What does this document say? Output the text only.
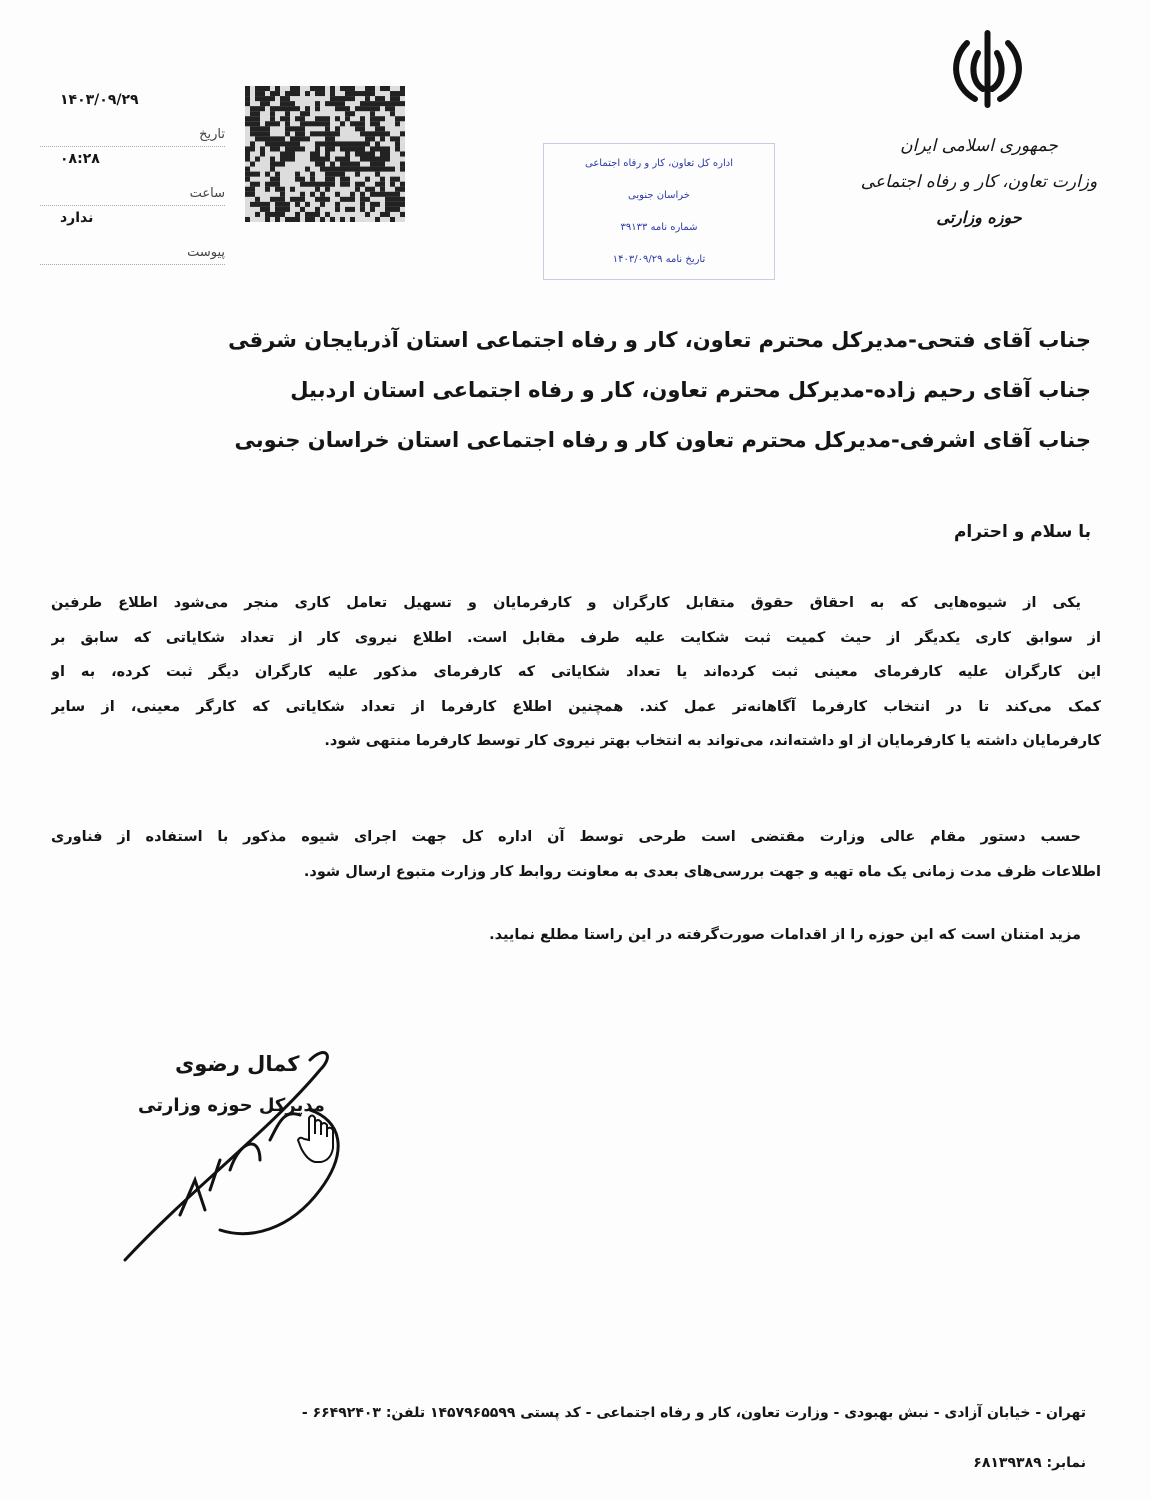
جمهوری اسلامی ایران
وزارت تعاون، کار و رفاه اجتماعی
حوزه وزارتی
تاریخ
۱۴۰۳/۰۹/۲۹
ساعت
۰۸:۲۸
پیوست
ندارد
اداره کل تعاون، کار و رفاه اجتماعی
خراسان جنوبی
شماره نامه ۳۹۱۳۳
تاریخ نامه ۱۴۰۳/۰۹/۲۹
جناب آقای فتحی-مدیرکل محترم تعاون، کار و رفاه اجتماعی استان آذربایجان شرقی
جناب آقای رحیم زاده-مدیرکل محترم تعاون، کار و رفاه اجتماعی استان اردبیل
جناب آقای اشرفی-مدیرکل محترم تعاون کار و رفاه اجتماعی استان خراسان جنوبی
با سلام و احترام
یکی از شیوه‌هایی که به احقاق حقوق متقابل کارگران و کارفرمایان و تسهیل تعامل کاری منجر می‌شود اطلاع طرفین
از سوابق کاری یکدیگر از حیث کمیت ثبت شکایت علیه طرف مقابل است. اطلاع نیروی کار از تعداد شکایاتی که سابق بر
این کارگران علیه کارفرمای معینی ثبت کرده‌اند یا تعداد شکایاتی که کارفرمای مذکور علیه کارگران دیگر ثبت کرده، به او
کمک می‌کند تا در انتخاب کارفرما آگاهانه‌تر عمل کند. همچنین اطلاع کارفرما از تعداد شکایاتی که کارگر معینی، از سایر
کارفرمایان داشته یا کارفرمایان از او داشته‌اند، می‌تواند به انتخاب بهتر نیروی کار توسط کارفرما منتهی شود.
حسب دستور مقام عالی وزارت مقتضی است طرحی توسط آن اداره کل جهت اجرای شیوه مذکور با استفاده از فناوری
اطلاعات ظرف مدت زمانی یک ماه تهیه و جهت بررسی‌های بعدی به معاونت روابط کار وزارت متبوع ارسال شود.
مزید امتنان است که این حوزه را از اقدامات صورت‌گرفته در این راستا مطلع نمایید.
کمال رضوی
مدیرکل حوزه وزارتی
تهران - خیابان آزادی - نبش بهبودی - وزارت تعاون، کار و رفاه اجتماعی - کد پستی ۱۴۵۷۹۶۵۵۹۹ تلفن: ۶۶۴۹۲۴۰۳ -
نمابر: ۶۸۱۳۹۳۸۹
